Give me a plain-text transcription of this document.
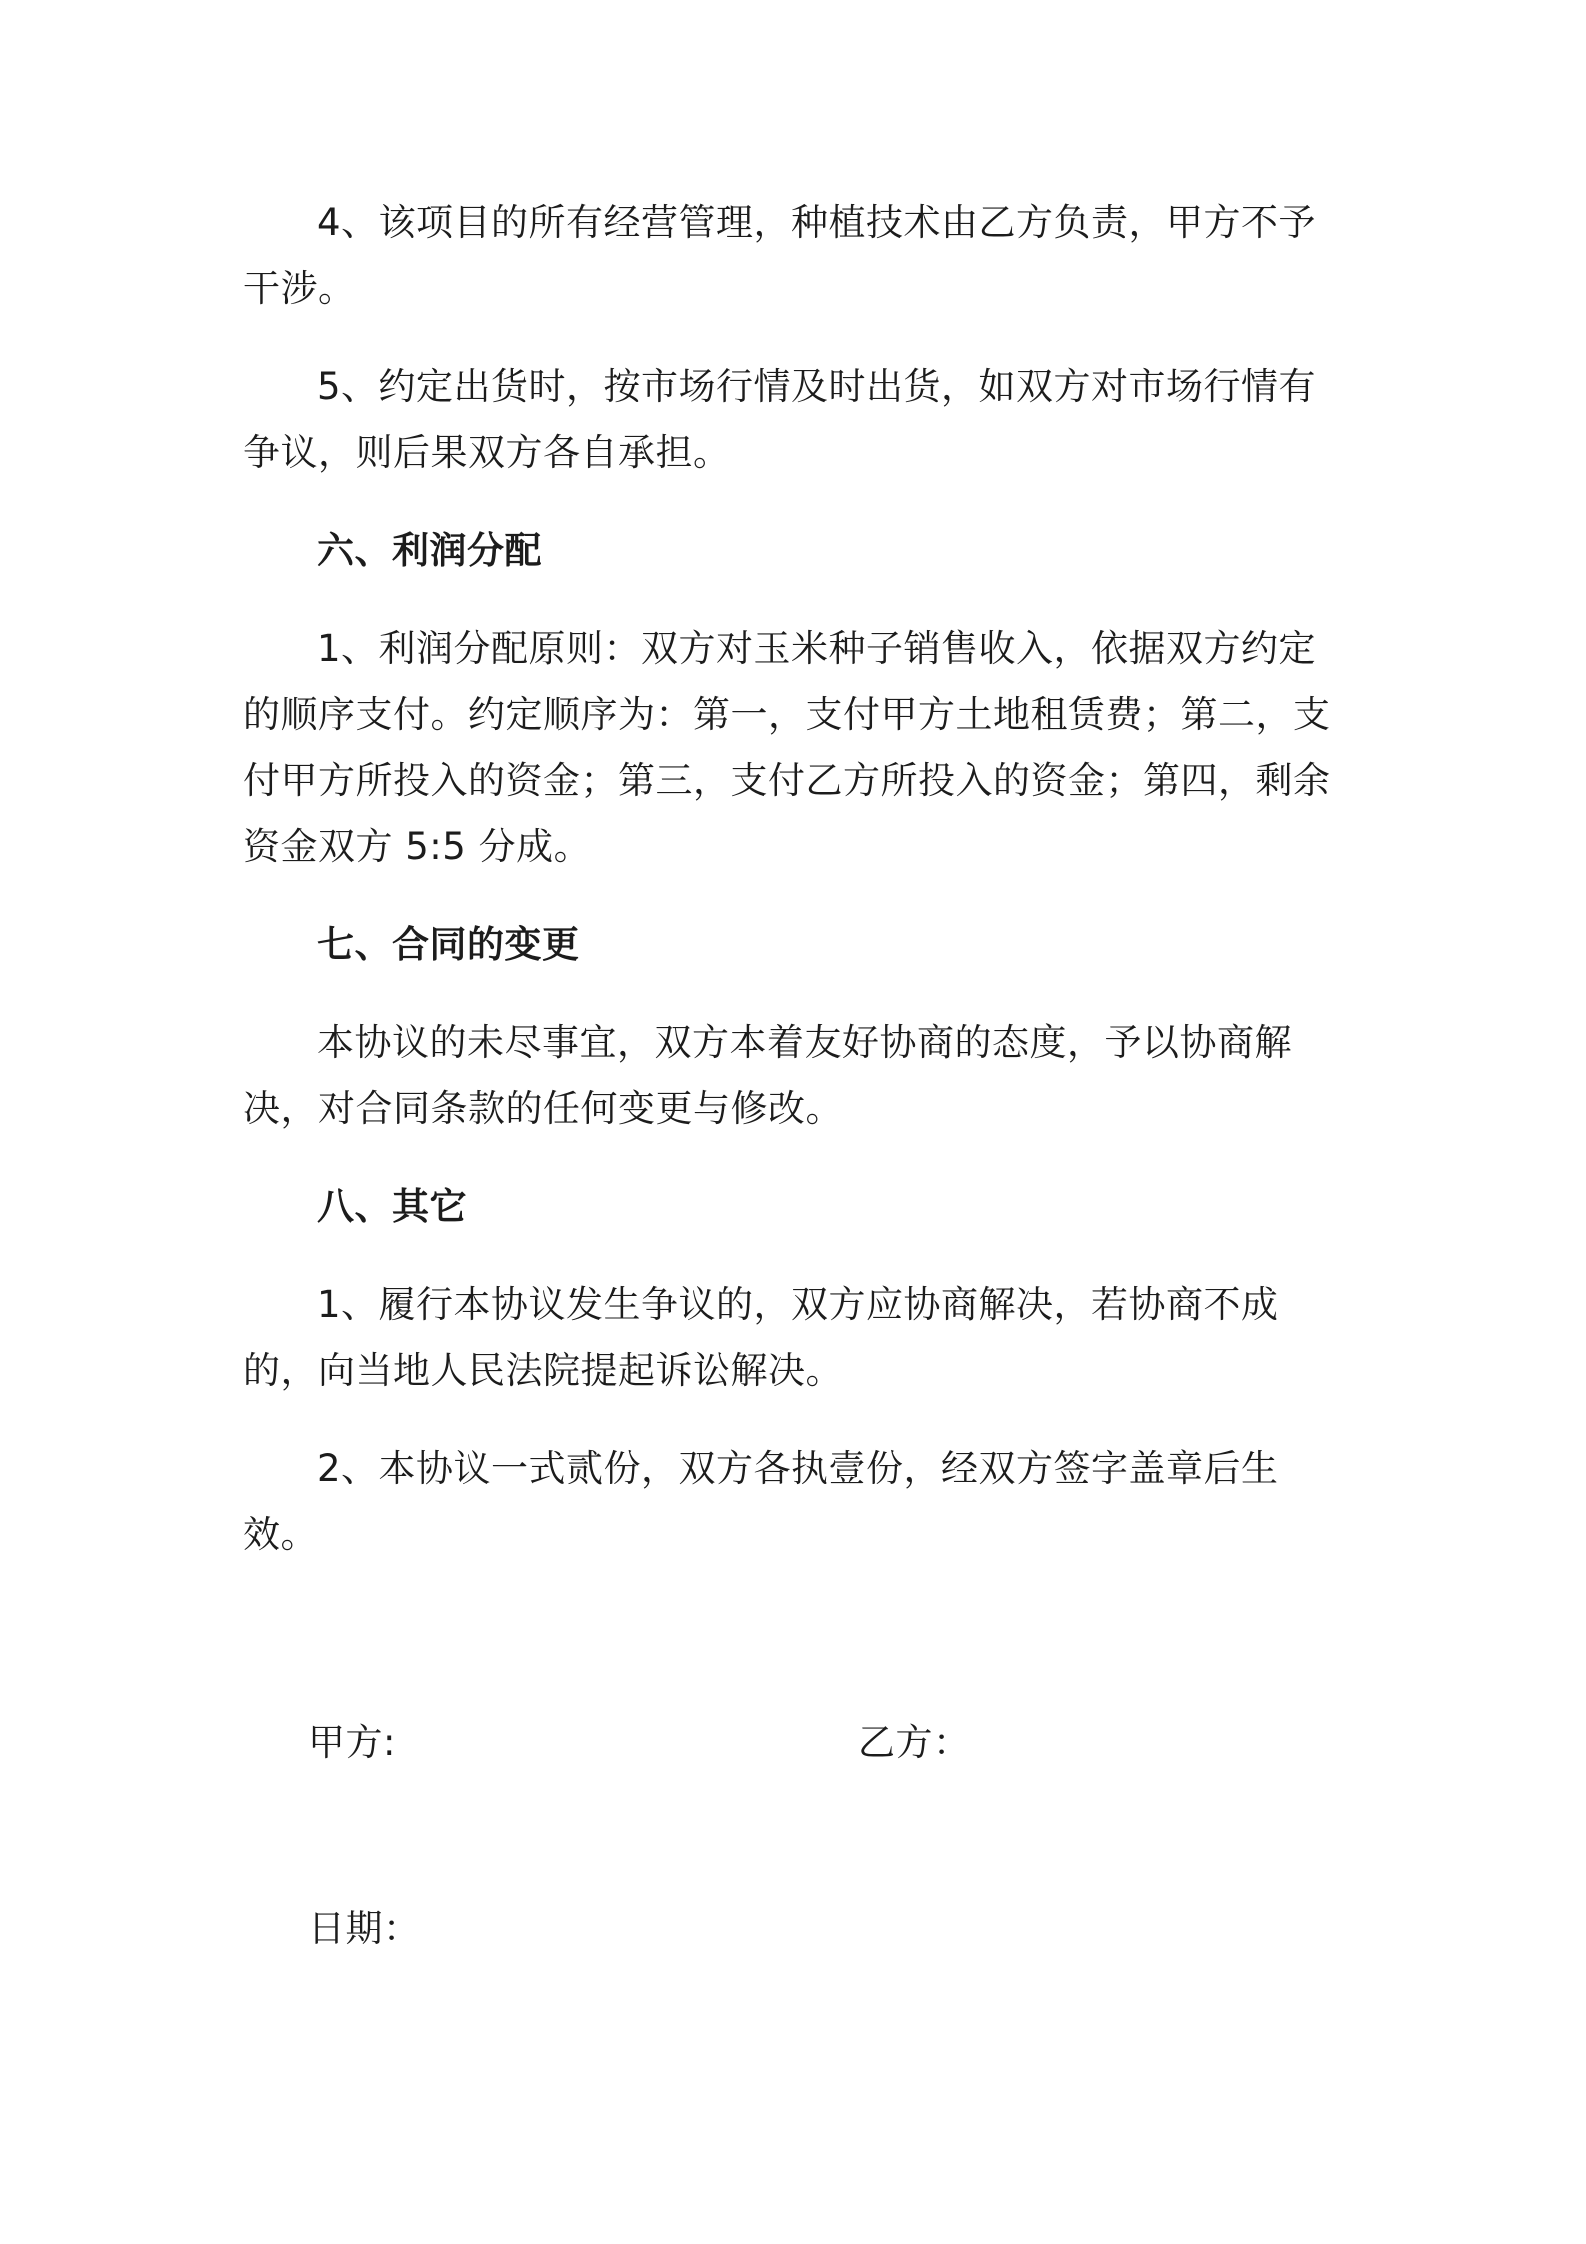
4、该项目的所有经营管理，种植技术由乙方负责，甲方不予干涉。

5、约定出货时，按市场行情及时出货，如双方对市场行情有争议，则后果双方各自承担。

六、利润分配

1、利润分配原则：双方对玉米种子销售收入，依据双方约定的顺序支付。约定顺序为：第一，支付甲方土地租赁费；第二，支付甲方所投入的资金；第三，支付乙方所投入的资金；第四，剩余资金双方 5:5 分成。

七、合同的变更

本协议的未尽事宜，双方本着友好协商的态度，予以协商解决，对合同条款的任何变更与修改。

八、其它

1、履行本协议发生争议的，双方应协商解决，若协商不成的，向当地人民法院提起诉讼解决。

2、本协议一式贰份，双方各执壹份，经双方签字盖章后生效。

甲方:	乙方：
日期：
